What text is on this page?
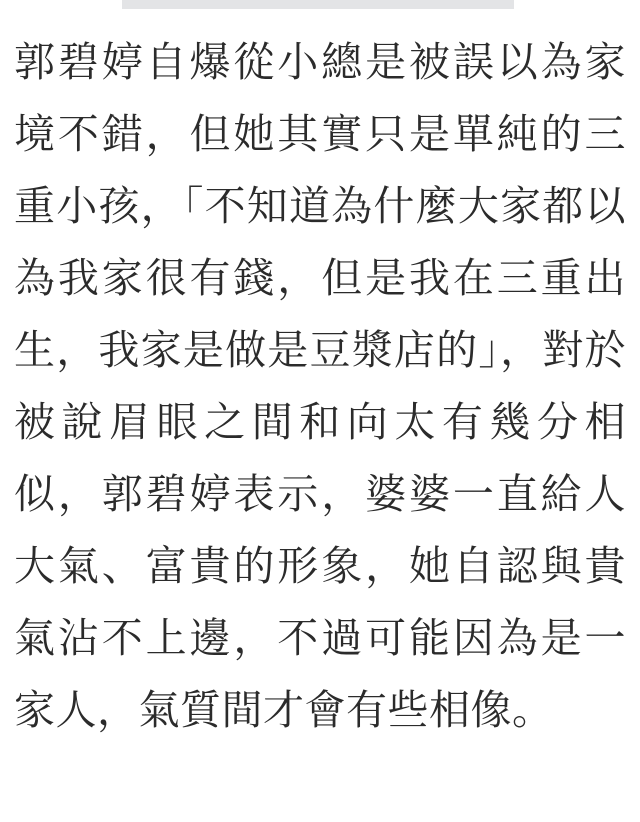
郭碧婷自爆從小總是被誤以為家境不錯，但她其實只是單純的三重小孩，「不知道為什麼大家都以為我家很有錢，但是我在三重出生，我家是做是豆漿店的」，對於被說眉眼之間和向太有幾分相似，郭碧婷表示，婆婆一直給人大氣、富貴的形象，她自認與貴氣沾不上邊，不過可能因為是一家人，氣質間才會有些相像。
